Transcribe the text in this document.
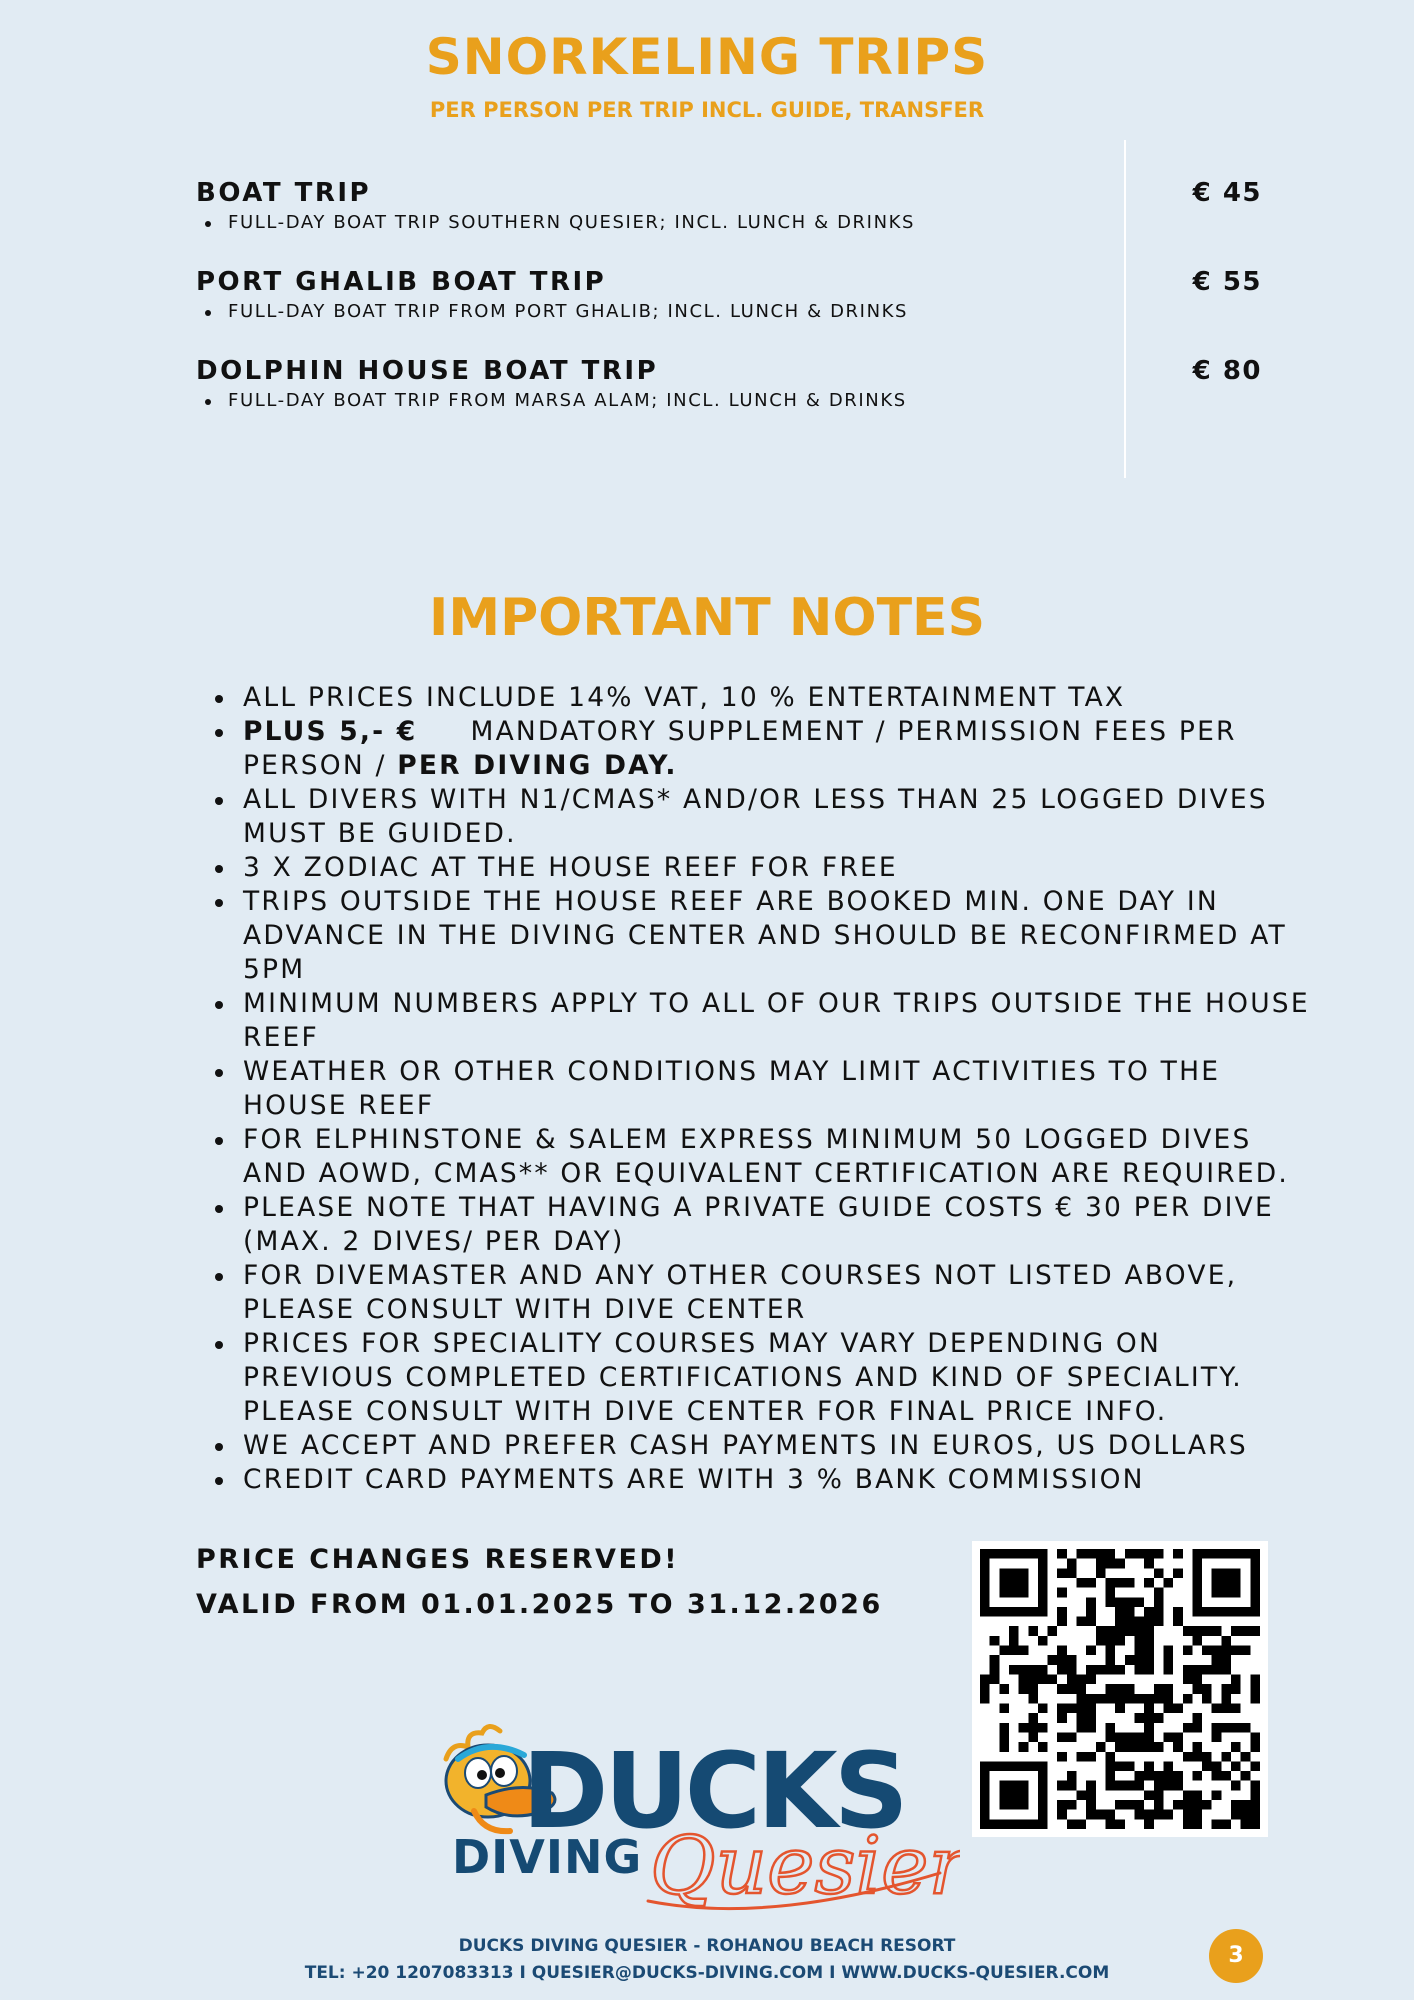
SNORKELING TRIPS
PER PERSON PER TRIP INCL. GUIDE, TRANSFER
BOAT TRIP	€ 45
FULL-DAY BOAT TRIP SOUTHERN QUESIER; INCL. LUNCH & DRINKS
PORT GHALIB BOAT TRIP	€ 55
FULL-DAY BOAT TRIP FROM PORT GHALIB; INCL. LUNCH & DRINKS
DOLPHIN HOUSE BOAT TRIP	€ 80
FULL-DAY BOAT TRIP FROM MARSA ALAM; INCL. LUNCH & DRINKS
IMPORTANT NOTES
ALL PRICES INCLUDE 14% VAT, 10 % ENTERTAINMENT TAX
PLUS 5,- € MANDATORY SUPPLEMENT / PERMISSION FEES PER PERSON / PER DIVING DAY.
ALL DIVERS WITH N1/CMAS* AND/OR LESS THAN 25 LOGGED DIVES MUST BE GUIDED.
3 X ZODIAC AT THE HOUSE REEF FOR FREE
TRIPS OUTSIDE THE HOUSE REEF ARE BOOKED MIN. ONE DAY IN ADVANCE IN THE DIVING CENTER AND SHOULD BE RECONFIRMED AT 5PM
MINIMUM NUMBERS APPLY TO ALL OF OUR TRIPS OUTSIDE THE HOUSE REEF
WEATHER OR OTHER CONDITIONS MAY LIMIT ACTIVITIES TO THE HOUSE REEF
FOR ELPHINSTONE & SALEM EXPRESS MINIMUM 50 LOGGED DIVES AND AOWD, CMAS** OR EQUIVALENT CERTIFICATION ARE REQUIRED.
PLEASE NOTE THAT HAVING A PRIVATE GUIDE COSTS € 30 PER DIVE (MAX. 2 DIVES/ PER DAY)
FOR DIVEMASTER AND ANY OTHER COURSES NOT LISTED ABOVE, PLEASE CONSULT WITH DIVE CENTER
PRICES FOR SPECIALITY COURSES MAY VARY DEPENDING ON PREVIOUS COMPLETED CERTIFICATIONS AND KIND OF SPECIALITY. PLEASE CONSULT WITH DIVE CENTER FOR FINAL PRICE INFO.
WE ACCEPT AND PREFER CASH PAYMENTS IN EUROS, US DOLLARS
CREDIT CARD PAYMENTS ARE WITH 3 % BANK COMMISSION
PRICE CHANGES RESERVED!
VALID FROM 01.01.2025 TO 31.12.2026
DUCKS
DIVING Quesier
DUCKS DIVING QUESIER - ROHANOU BEACH RESORT
TEL: +20 1207083313 I QUESIER@DUCKS-DIVING.COM I WWW.DUCKS-QUESIER.COM
3
